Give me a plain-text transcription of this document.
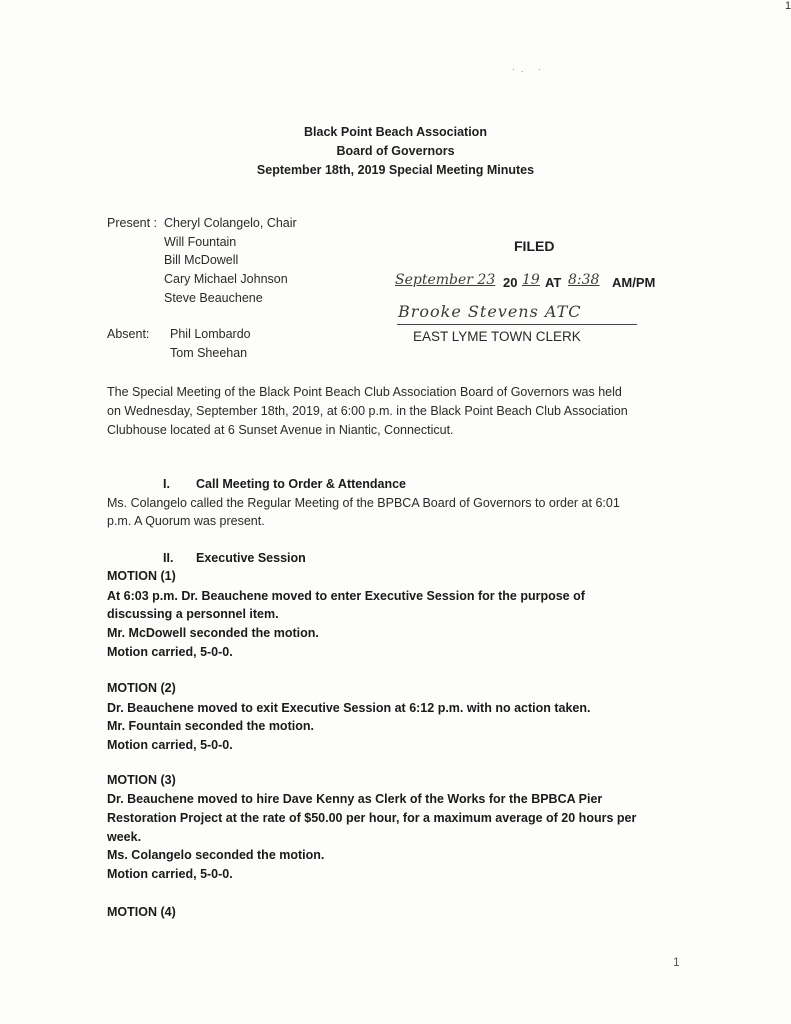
1
·. ·
Black Point Beach Association
Board of Governors
September 18th, 2019 Special Meeting Minutes
Present : Cheryl Colangelo, Chair
Will Fountain
Bill McDowell
Cary Michael Johnson
Steve Beauchene
Absent: Phil Lombardo
Tom Sheehan
FILED
September 23 20 19 AT 8:38 AM/PM
Brooke Stevens ATC
EAST LYME TOWN CLERK
The Special Meeting of the Black Point Beach Club Association Board of Governors was held
on Wednesday, September 18th, 2019, at 6:00 p.m. in the Black Point Beach Club Association
Clubhouse located at 6 Sunset Avenue in Niantic, Connecticut.
I. Call Meeting to Order & Attendance
Ms. Colangelo called the Regular Meeting of the BPBCA Board of Governors to order at 6:01
p.m. A Quorum was present.
II. Executive Session
MOTION (1)
At 6:03 p.m. Dr. Beauchene moved to enter Executive Session for the purpose of
discussing a personnel item.
Mr. McDowell seconded the motion.
Motion carried, 5-0-0.
MOTION (2)
Dr. Beauchene moved to exit Executive Session at 6:12 p.m. with no action taken.
Mr. Fountain seconded the motion.
Motion carried, 5-0-0.
MOTION (3)
Dr. Beauchene moved to hire Dave Kenny as Clerk of the Works for the BPBCA Pier
Restoration Project at the rate of $50.00 per hour, for a maximum average of 20 hours per
week.
Ms. Colangelo seconded the motion.
Motion carried, 5-0-0.
MOTION (4)
1
